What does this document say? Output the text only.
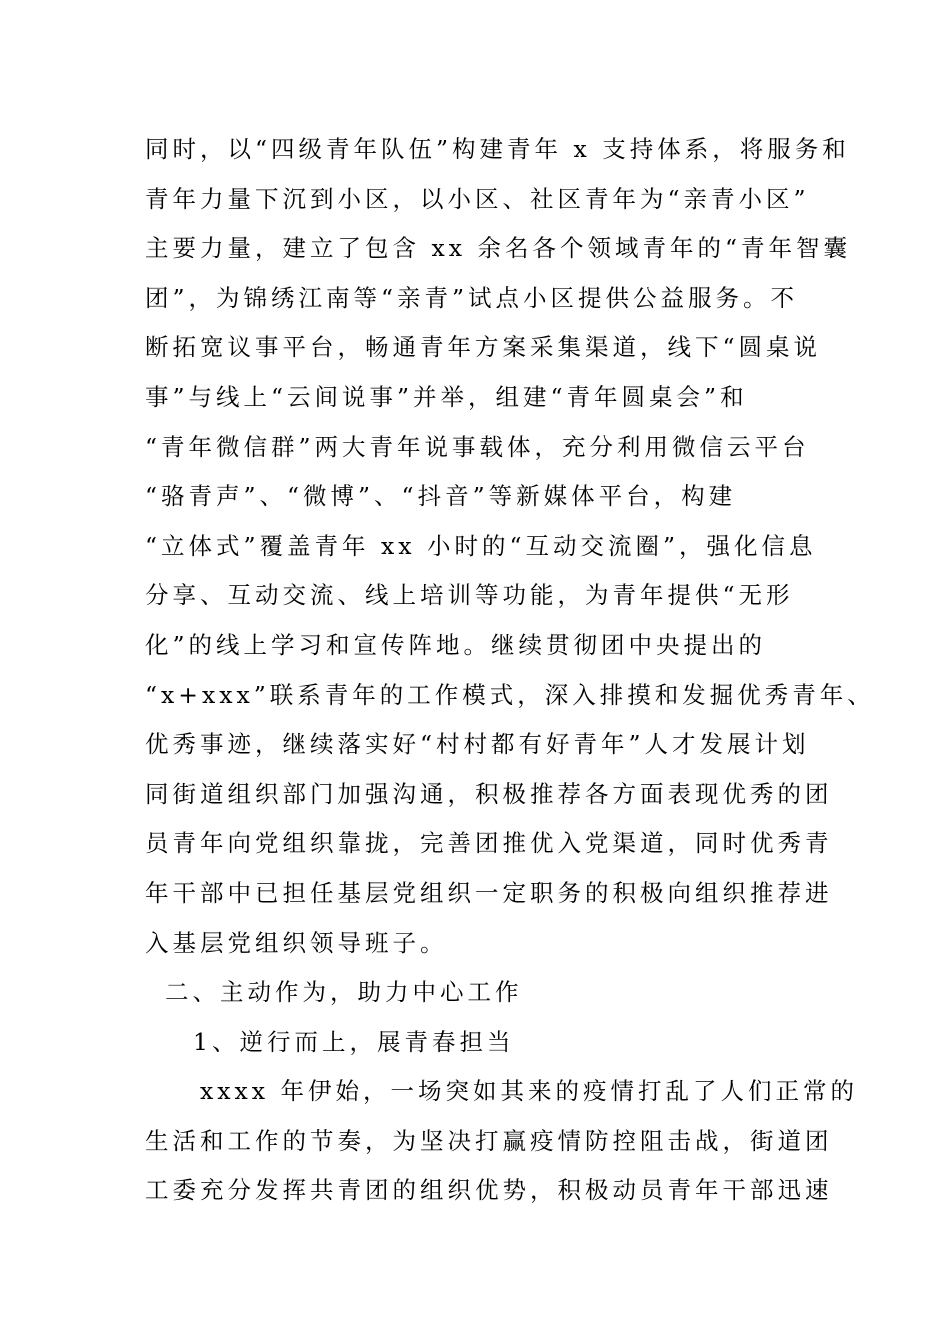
同时，以“四级青年队伍”构建青年 x 支持体系，将服务和
青年力量下沉到小区，以小区、社区青年为“亲青小区”
主要力量，建立了包含 xx 余名各个领域青年的“青年智囊
团”，为锦绣江南等“亲青”试点小区提供公益服务。不
断拓宽议事平台，畅通青年方案采集渠道，线下“圆桌说
事”与线上“云间说事”并举，组建“青年圆桌会”和
“青年微信群”两大青年说事载体，充分利用微信云平台
“骆青声”、“微博”、“抖音”等新媒体平台，构建
“立体式”覆盖青年 xx 小时的“互动交流圈”，强化信息
分享、互动交流、线上培训等功能，为青年提供“无形
化”的线上学习和宣传阵地。继续贯彻团中央提出的
“x+xxx”联系青年的工作模式，深入排摸和发掘优秀青年、
优秀事迹，继续落实好“村村都有好青年”人才发展计划
同街道组织部门加强沟通，积极推荐各方面表现优秀的团
员青年向党组织靠拢，完善团推优入党渠道，同时优秀青
年干部中已担任基层党组织一定职务的积极向组织推荐进
入基层党组织领导班子。
二、主动作为，助力中心工作
1、逆行而上，展青春担当
xxxx 年伊始，一场突如其来的疫情打乱了人们正常的
生活和工作的节奏，为坚决打赢疫情防控阻击战，街道团
工委充分发挥共青团的组织优势，积极动员青年干部迅速
